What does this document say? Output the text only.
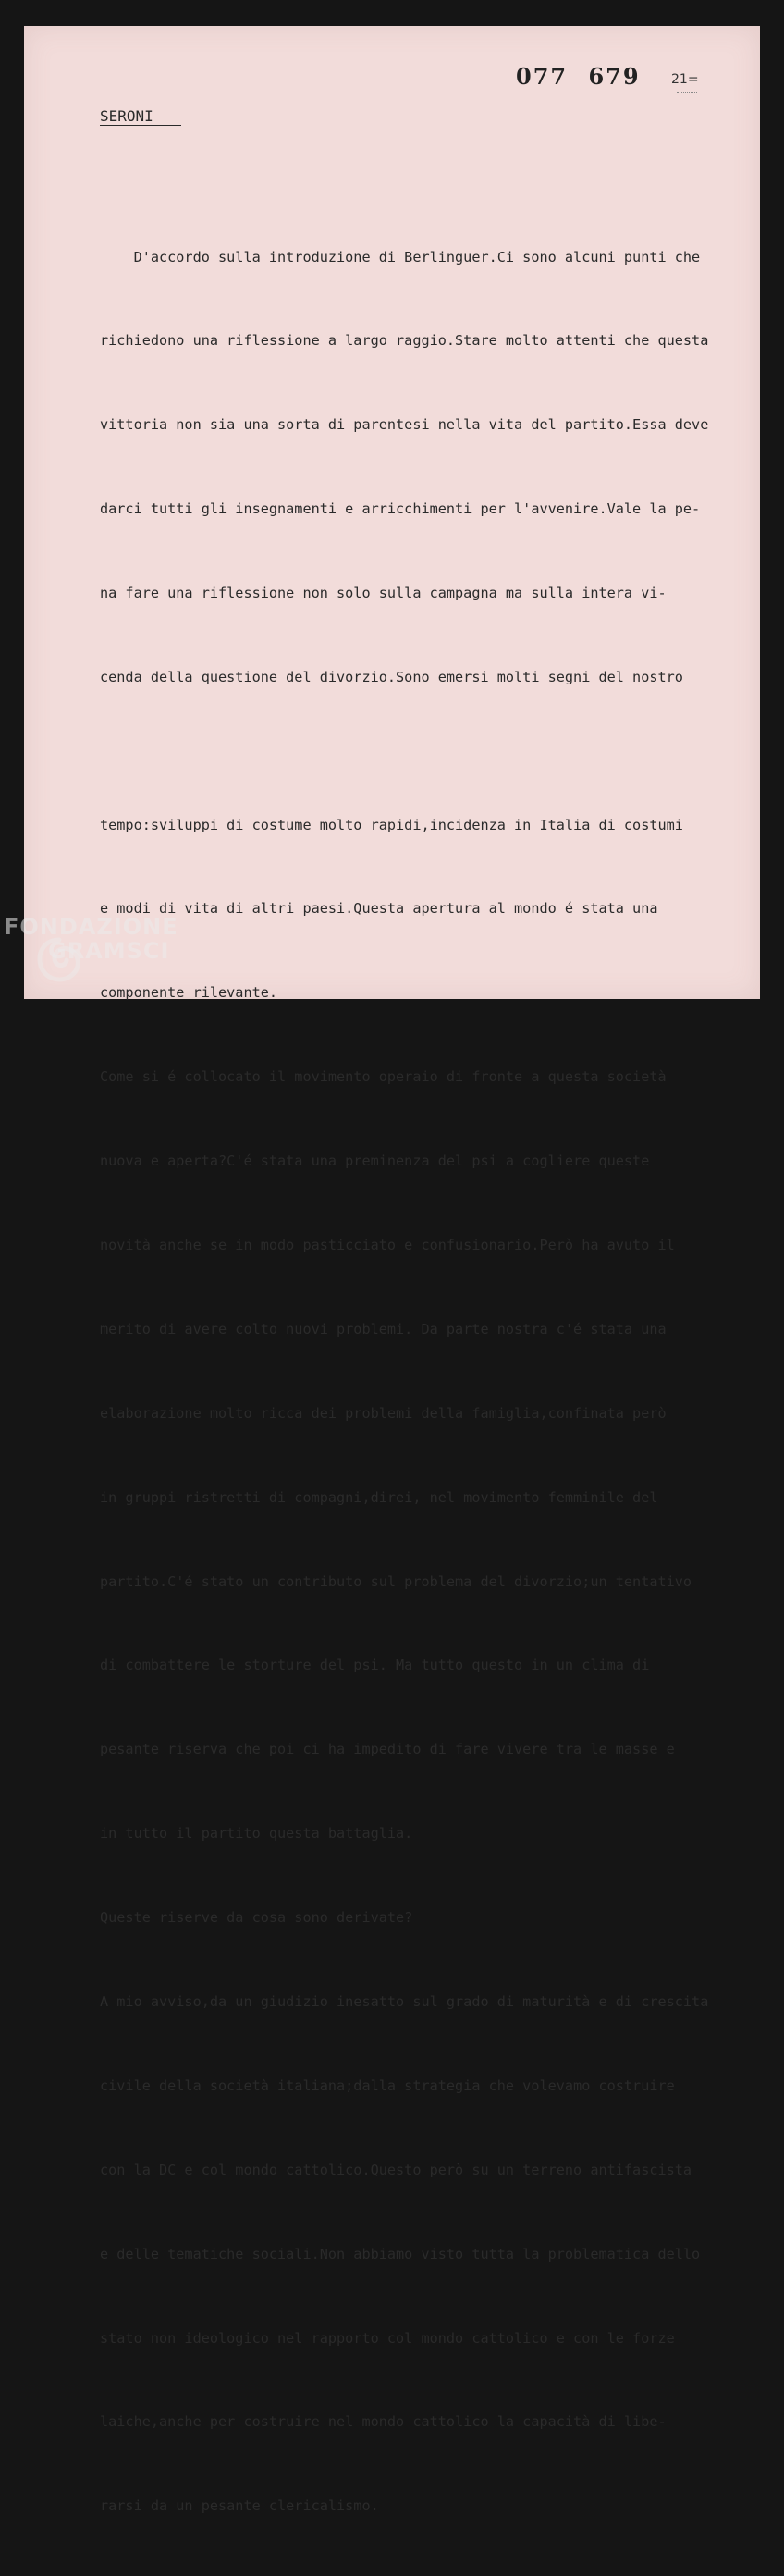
077 679 21=
SERONI

D'accordo sulla introduzione di Berlinguer.Ci sono alcuni punti che

richiedono una riflessione a largo raggio.Stare molto attenti che questa

vittoria non sia una sorta di parentesi nella vita del partito.Essa deve

darci tutti gli insegnamenti e arricchimenti per l'avvenire.Vale la pe-

na fare una riflessione non solo sulla campagna ma sulla intera vi-

cenda della questione del divorzio.Sono emersi molti segni del nostro

tempo:sviluppi di costume molto rapidi,incidenza in Italia di costumi

e modi di vita di altri paesi.Questa apertura al mondo é stata una

componente rilevante.

Come si é collocato il movimento operaio di fronte a questa società

nuova e aperta?C'é stata una preminenza del psi a cogliere queste

novità anche se in modo pasticciato e confusionario.Però ha avuto il

merito di avere colto nuovi problemi. Da parte nostra c'é stata una

elaborazione molto ricca dei problemi della famiglia,confinata però

in gruppi ristretti di compagni,direi, nel movimento femminile del

partito.C'é stato un contributo sul problema del divorzio;un tentativo

di combattere le storture del psi. Ma tutto questo in un clima di

pesante riserva che poi ci ha impedito di fare vivere tra le masse e

in tutto il partito questa battaglia.

Queste riserve da cosa sono derivate?

A mio avviso,da un giudizio inesatto sul grado di maturità e di crescita

civile della società italiana;dalla strategia che volevamo costruire

con la DC e col mondo cattolico.Questo però su un terreno antifascista

e delle tematiche sociali.Non abbiamo visto tutta la problematica dello

stato non ideologico nel rapporto col mondo cattolico e con le forze

laiche,anche per costruire nel mondo cattolico la capacità di libe-

rarsi da un pesante clericalismo.

FONDAZIONE
GRAMSCI
